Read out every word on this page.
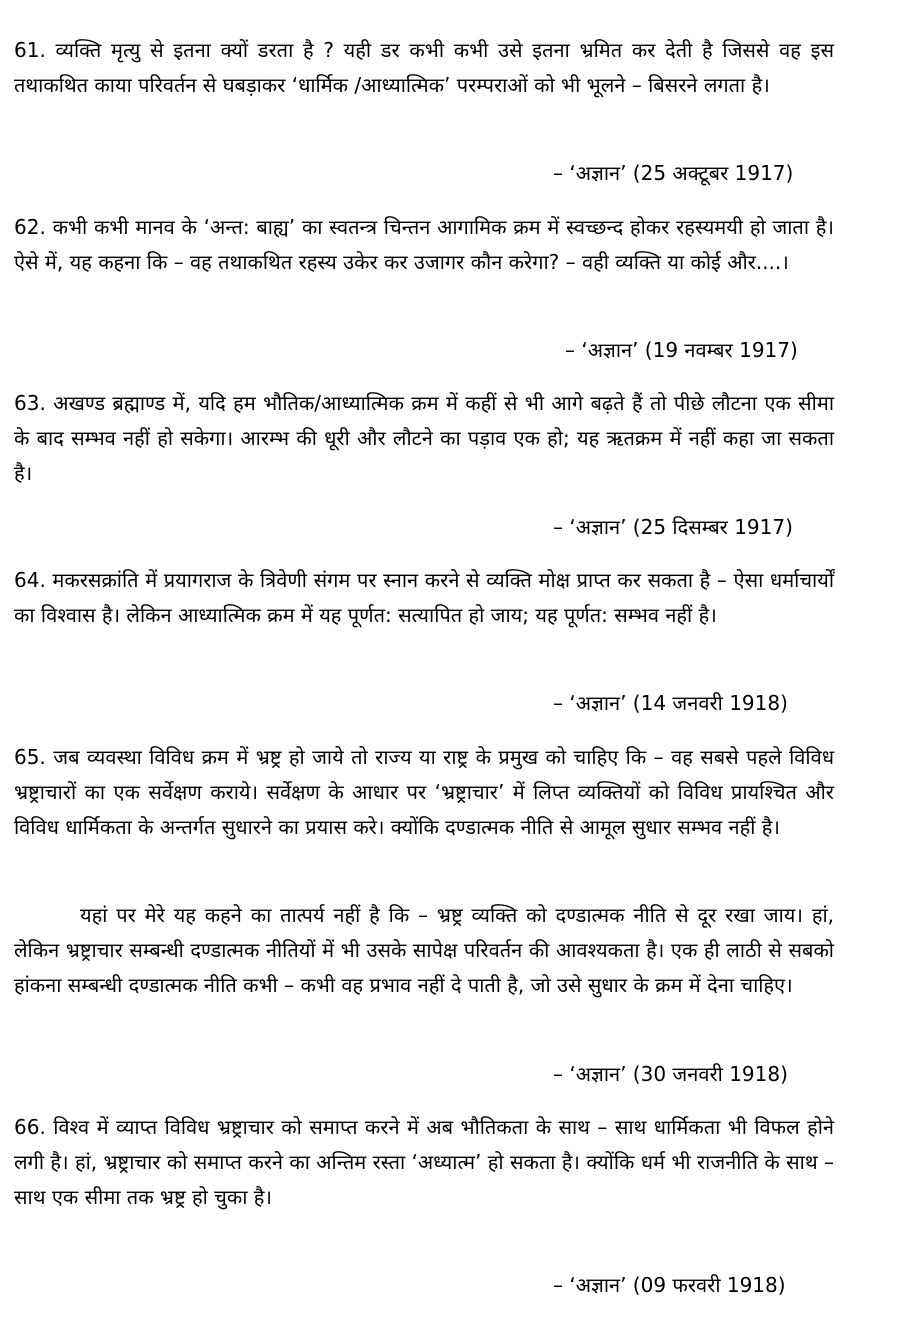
61. व्यक्ति मृत्यु से इतना क्यों डरता है ? यही डर कभी कभी उसे इतना भ्रमित कर देती है जिससे वह इस तथाकथित काया परिवर्तन से घबड़ाकर ‘धार्मिक /आध्यात्मिक’ परम्पराओं को भी भूलने – बिसरने लगता है।

– ‘अज्ञान’ (25 अक्टूबर 1917)

62. कभी कभी मानव के ‘अन्त: बाह्य’ का स्वतन्त्र चिन्तन आगामिक क्रम में स्वच्छन्द होकर रहस्यमयी हो जाता है। ऐसे में, यह कहना कि – वह तथाकथित रहस्य उकेर कर उजागर कौन करेगा? – वही व्यक्ति या कोई और....।

– ‘अज्ञान’ (19 नवम्बर 1917)

63. अखण्ड ब्रह्माण्ड में, यदि हम भौतिक/आध्यात्मिक क्रम में कहीं से भी आगे बढ़ते हैं तो पीछे लौटना एक सीमा के बाद सम्भव नहीं हो सकेगा। आरम्भ की धूरी और लौटने का पड़ाव एक हो; यह ऋतक्रम में नहीं कहा जा सकता है।

– ‘अज्ञान’ (25 दिसम्बर 1917)

64. मकरसक्रांति में प्रयागराज के त्रिवेणी संगम पर स्नान करने से व्यक्ति मोक्ष प्राप्त कर सकता है – ऐसा धर्माचार्यों का विश्वास है। लेकिन आध्यात्मिक क्रम में यह पूर्णत: सत्यापित हो जाय; यह पूर्णत: सम्भव नहीं है।

– ‘अज्ञान’ (14 जनवरी 1918)

65. जब व्यवस्था विविध क्रम में भ्रष्ट्र हो जाये तो राज्य या राष्ट्र के प्रमुख को चाहिए कि – वह सबसे पहले विविध भ्रष्ट्राचारों का एक सर्वेक्षण कराये। सर्वेक्षण के आधार पर ‘भ्रष्ट्राचार’ में लिप्त व्यक्तियों को विविध प्रायश्चित और विविध धार्मिकता के अन्तर्गत सुधारने का प्रयास करे। क्योंकि दण्डात्मक नीति से आमूल सुधार सम्भव नहीं है।

यहां पर मेरे यह कहने का तात्पर्य नहीं है कि – भ्रष्ट्र व्यक्ति को दण्डात्मक नीति से दूर रखा जाय। हां, लेकिन भ्रष्ट्राचार सम्बन्धी दण्डात्मक नीतियों में भी उसके सापेक्ष परिवर्तन की आवश्यकता है। एक ही लाठी से सबको हांकना सम्बन्धी दण्डात्मक नीति कभी – कभी वह प्रभाव नहीं दे पाती है, जो उसे सुधार के क्रम में देना चाहिए।

– ‘अज्ञान’ (30 जनवरी 1918)

66. विश्व में व्याप्त विविध भ्रष्ट्राचार को समाप्त करने में अब भौतिकता के साथ – साथ धार्मिकता भी विफल होने लगी है। हां, भ्रष्ट्राचार को समाप्त करने का अन्तिम रस्ता ‘अध्यात्म’ हो सकता है। क्योंकि धर्म भी राजनीति के साथ – साथ एक सीमा तक भ्रष्ट्र हो चुका है।

– ‘अज्ञान’ (09 फरवरी 1918)
